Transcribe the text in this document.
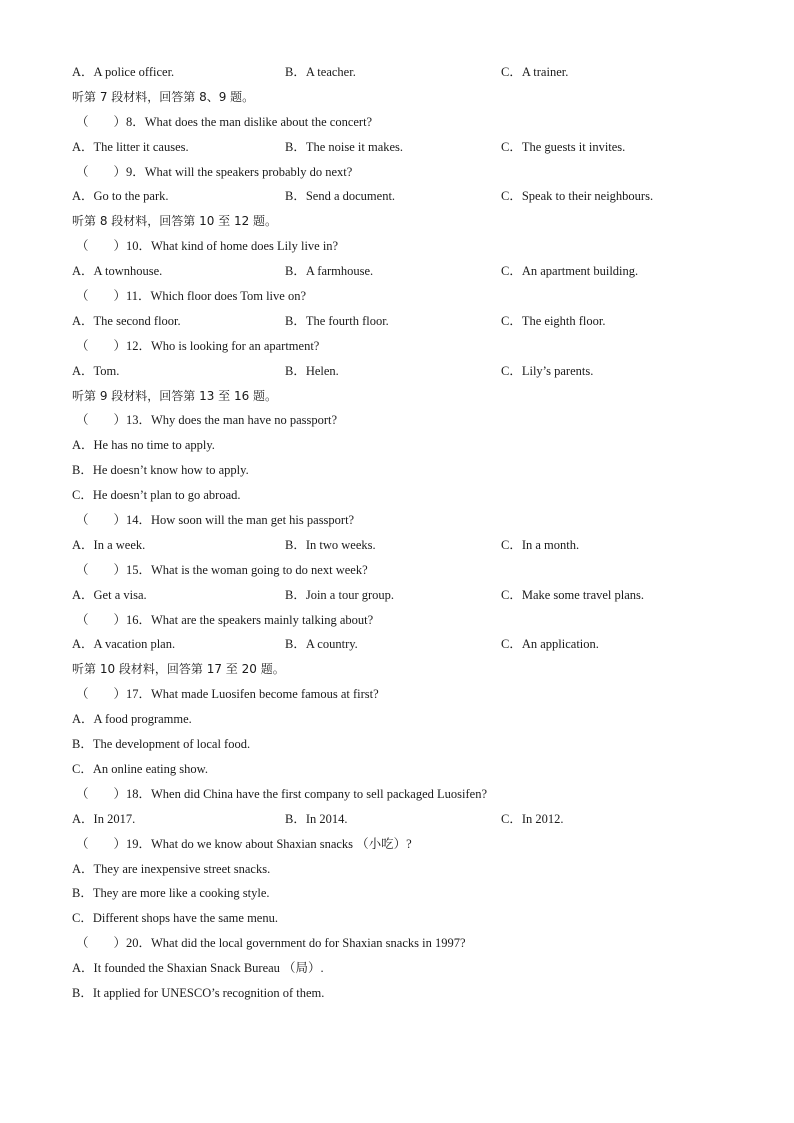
A．A police officer.	B．A teacher.	C．A trainer.
听第 7 段材料，回答第 8、9 题。
（　　）8．What does the man dislike about the concert?
A．The litter it causes.	B．The noise it makes.	C．The guests it invites.
（　　）9．What will the speakers probably do next?
A．Go to the park.	B．Send a document.	C．Speak to their neighbours.
听第 8 段材料，回答第 10 至 12 题。
（　　）10．What kind of home does Lily live in?
A．A townhouse.	B．A farmhouse.	C．An apartment building.
（　　）11．Which floor does Tom live on?
A．The second floor.	B．The fourth floor.	C．The eighth floor.
（　　）12．Who is looking for an apartment?
A．Tom.	B．Helen.	C．Lily’s parents.
听第 9 段材料，回答第 13 至 16 题。
（　　）13．Why does the man have no passport?
A．He has no time to apply.
B．He doesn’t know how to apply.
C．He doesn’t plan to go abroad.
（　　）14．How soon will the man get his passport?
A．In a week.	B．In two weeks.	C．In a month.
（　　）15．What is the woman going to do next week?
A．Get a visa.	B．Join a tour group.	C．Make some travel plans.
（　　）16．What are the speakers mainly talking about?
A．A vacation plan.	B．A country.	C．An application.
听第 10 段材料，回答第 17 至 20 题。
（　　）17．What made Luosifen become famous at first?
A．A food programme.
B．The development of local food.
C．An online eating show.
（　　）18．When did China have the first company to sell packaged Luosifen?
A．In 2017.	B．In 2014.	C．In 2012.
（　　）19．What do we know about Shaxian snacks （小吃）?
A．They are inexpensive street snacks.
B．They are more like a cooking style.
C．Different shops have the same menu.
（　　）20．What did the local government do for Shaxian snacks in 1997?
A．It founded the Shaxian Snack Bureau （局）.
B．It applied for UNESCO’s recognition of them.
